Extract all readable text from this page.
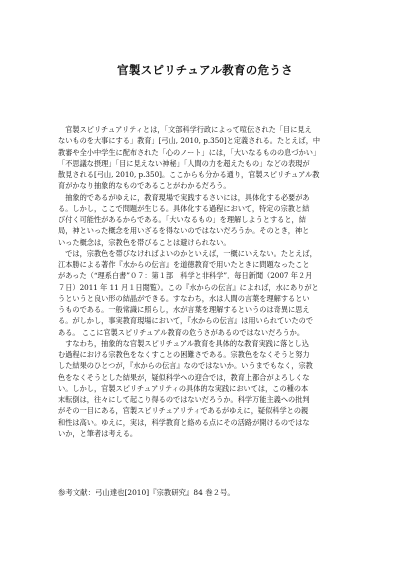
官製スピリチュアル教育の危うさ
　官製スピリチュアリティとは，「文部科学行政によって喧伝された「目に見え
ないものを大事にする」教育」[弓山, 2010, p.350]と定義される。たとえば，中
教審や全小中学生に配布された「心のノート」には，「大いなるものの息づかい」
「不思議な摂理」「目に見えない神秘」「人間の力を超えたもの」などの表現が
散見される[弓山, 2010, p.350]。ここからも分かる通り，官製スピリチュアル教
育がかなり抽象的なものであることがわかるだろう。
　抽象的であるがゆえに，教育現場で実践するさいには，具体化する必要があ
る。しかし，ここで問題が生じる。具体化する過程において，特定の宗教と結
び付く可能性があるからである。「大いなるもの」を理解しようとすると，結
局，神といった概念を用いざるを得ないのではないだろうか。そのとき，神と
いった概念は，宗教色を帯びることは避けられない。
　では，宗教色を帯びなければよいのかといえば，一概にいえない。たとえば，
江本勝による著作『水からの伝言』を道徳教育で用いたときに問題なったこと
があった（“理系白書”０７：第１部　科学と非科学”．毎日新聞（2007 年２月
７日）2011 年 11 月１日閲覧）。この『水からの伝言』によれば，水にありがと
うというと良い形の結晶ができる。すなわち，水は人間の言葉を理解するとい
うものである。一般常識に照らし，水が言葉を理解するというのは奇異に思え
る。がしかし，事実教育現場において，『水からの伝言』は用いられていたので
ある。 ここに官製スピリチュアル教育の危うさがあるのではないだろうか。
　すなわち，抽象的な官製スピリチュアル教育を具体的な教育実践に落とし込
む過程における宗教色をなくすことの困難さである。宗教色をなくそうと努力
した結果のひとつが，『水からの伝言』なのではないか。いうまでもなく，宗教
色をなくそうとした結果が，疑似科学への迎合では，教育上都合がよろしくな
い。しかし，官製スピリチュアリティの具体的な実践においては，この種の本
末転倒は，往々にして起こり得るのではないだろうか。科学万能主義への批判
がその一目にある，官製スピリチュアリティであるがゆえに，疑似科学との親
和性は高い。ゆえに，実は，科学教育と絡める点にその活路が開けるのではな
いか，と筆者は考える。
参考文献：弓山達也[2010]『宗教研究』84 巻２号。
